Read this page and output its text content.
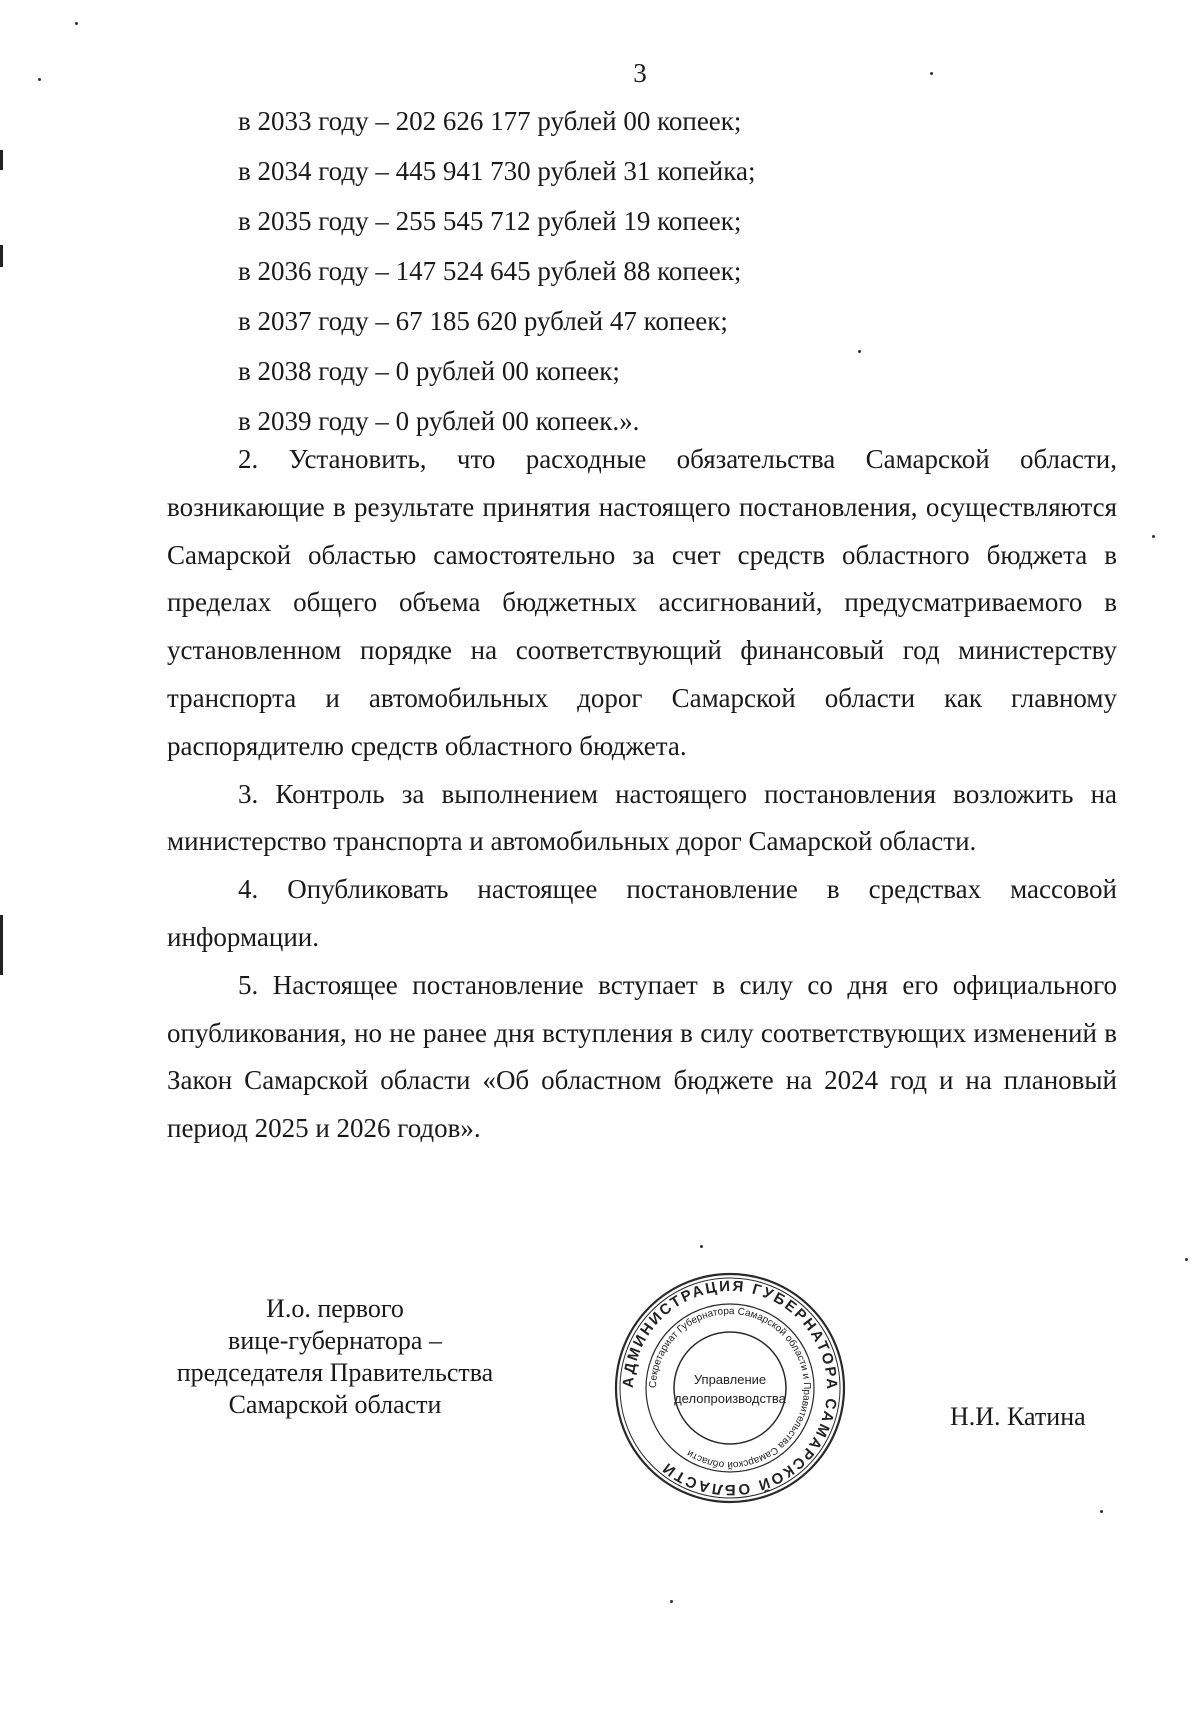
3
в 2033 году – 202 626 177 рублей 00 копеек;
в 2034 году – 445 941 730 рублей 31 копейка;
в 2035 году – 255 545 712 рублей 19 копеек;
в 2036 году – 147 524 645 рублей 88 копеек;
в 2037 году – 67 185 620 рублей 47 копеек;
в 2038 году – 0 рублей 00 копеек;
в 2039 году – 0 рублей 00 копеек.».

2. Установить, что расходные обязательства Самарской области, возникающие в результате принятия настоящего постановления, осуществляются Самарской областью самостоятельно за счет средств областного бюджета в пределах общего объема бюджетных ассигнований, предусматриваемого в установленном порядке на соответствующий финансовый год министерству транспорта и автомобильных дорог Самарской области как главному распорядителю средств областного бюджета.

3. Контроль за выполнением настоящего постановления возложить на министерство транспорта и автомобильных дорог Самарской области.

4. Опубликовать настоящее постановление в средствах массовой информации.

5. Настоящее постановление вступает в силу со дня его официального опубликования, но не ранее дня вступления в силу соответствующих изменений в Закон Самарской области «Об областном бюджете на 2024 год и на плановый период 2025 и 2026 годов».

И.о. первого
вице-губернатора –
председателя Правительства
Самарской области
АДМИНИСТРАЦИЯ ГУБЕРНАТОРА САМАРСКОЙ ОБЛАСТИ
Секретариат Губернатора Самарской области и Правительства Самарской области
Управление
делопроизводства
Н.И. Катина
